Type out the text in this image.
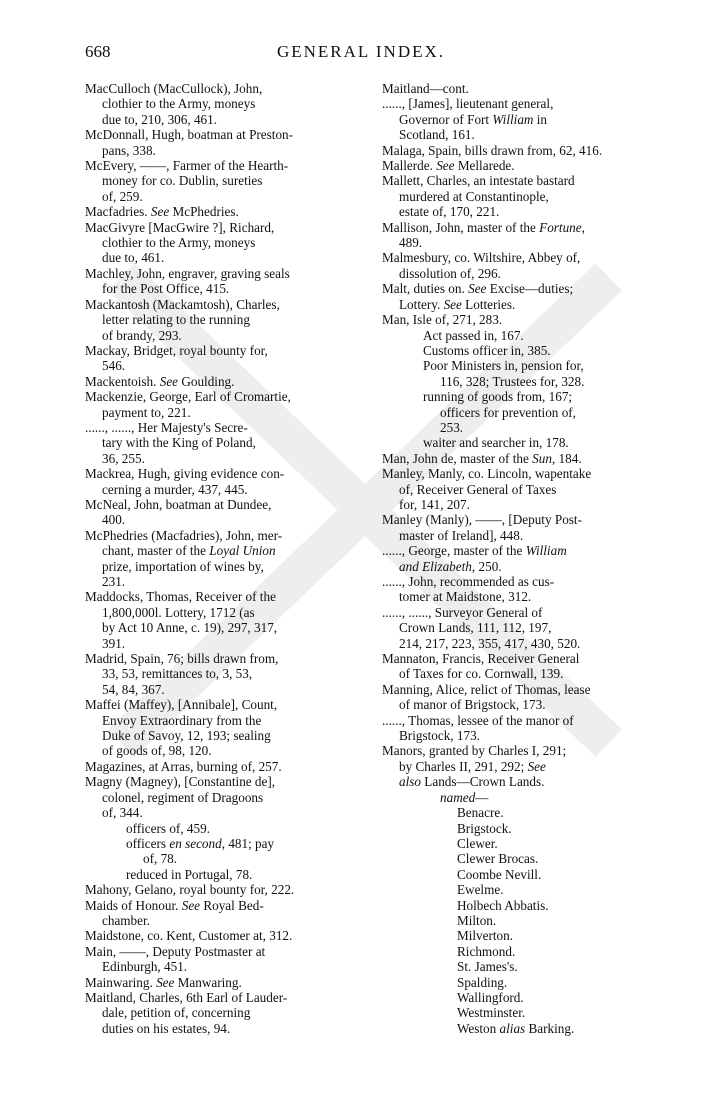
668	GENERAL INDEX.
MacCulloch (MacCullock), John,
clothier to the Army, moneys
due to, 210, 306, 461.
McDonnall, Hugh, boatman at Preston-
pans, 338.
McEvery, ——, Farmer of the Hearth-
money for co. Dublin, sureties
of, 259.
Macfadries. See McPhedries.
MacGivyre [MacGwire ?], Richard,
clothier to the Army, moneys
due to, 461.
Machley, John, engraver, graving seals
for the Post Office, 415.
Mackantosh (Mackamtosh), Charles,
letter relating to the running
of brandy, 293.
Mackay, Bridget, royal bounty for,
546.
Mackentoish. See Goulding.
Mackenzie, George, Earl of Cromartie,
payment to, 221.
......, ......, Her Majesty's Secre-
tary with the King of Poland,
36, 255.
Mackrea, Hugh, giving evidence con-
cerning a murder, 437, 445.
McNeal, John, boatman at Dundee,
400.
McPhedries (Macfadries), John, mer-
chant, master of the Loyal Union
prize, importation of wines by,
231.
Maddocks, Thomas, Receiver of the
1,800,000l. Lottery, 1712 (as
by Act 10 Anne, c. 19), 297, 317,
391.
Madrid, Spain, 76; bills drawn from,
33, 53, remittances to, 3, 53,
54, 84, 367.
Maffei (Maffey), [Annibale], Count,
Envoy Extraordinary from the
Duke of Savoy, 12, 193; sealing
of goods of, 98, 120.
Magazines, at Arras, burning of, 257.
Magny (Magney), [Constantine de],
colonel, regiment of Dragoons
of, 344.
officers of, 459.
officers en second, 481; pay
of, 78.
reduced in Portugal, 78.
Mahony, Gelano, royal bounty for, 222.
Maids of Honour. See Royal Bed-
chamber.
Maidstone, co. Kent, Customer at, 312.
Main, ——, Deputy Postmaster at
Edinburgh, 451.
Mainwaring. See Manwaring.
Maitland, Charles, 6th Earl of Lauder-
dale, petition of, concerning
duties on his estates, 94.
Maitland—cont.
......, [James], lieutenant general,
Governor of Fort William in
Scotland, 161.
Malaga, Spain, bills drawn from, 62, 416.
Mallerde. See Mellarede.
Mallett, Charles, an intestate bastard
murdered at Constantinople,
estate of, 170, 221.
Mallison, John, master of the Fortune,
489.
Malmesbury, co. Wiltshire, Abbey of,
dissolution of, 296.
Malt, duties on. See Excise—duties;
Lottery. See Lotteries.
Man, Isle of, 271, 283.
Act passed in, 167.
Customs officer in, 385.
Poor Ministers in, pension for,
116, 328; Trustees for, 328.
running of goods from, 167;
officers for prevention of,
253.
waiter and searcher in, 178.
Man, John de, master of the Sun, 184.
Manley, Manly, co. Lincoln, wapentake
of, Receiver General of Taxes
for, 141, 207.
Manley (Manly), ——, [Deputy Post-
master of Ireland], 448.
......, George, master of the William
and Elizabeth, 250.
......, John, recommended as cus-
tomer at Maidstone, 312.
......, ......, Surveyor General of
Crown Lands, 111, 112, 197,
214, 217, 223, 355, 417, 430, 520.
Mannaton, Francis, Receiver General
of Taxes for co. Cornwall, 139.
Manning, Alice, relict of Thomas, lease
of manor of Brigstock, 173.
......, Thomas, lessee of the manor of
Brigstock, 173.
Manors, granted by Charles I, 291;
by Charles II, 291, 292; See
also Lands—Crown Lands.
named—
Benacre.
Brigstock.
Clewer.
Clewer Brocas.
Coombe Nevill.
Ewelme.
Holbech Abbatis.
Milton.
Milverton.
Richmond.
St. James's.
Spalding.
Wallingford.
Westminster.
Weston alias Barking.
